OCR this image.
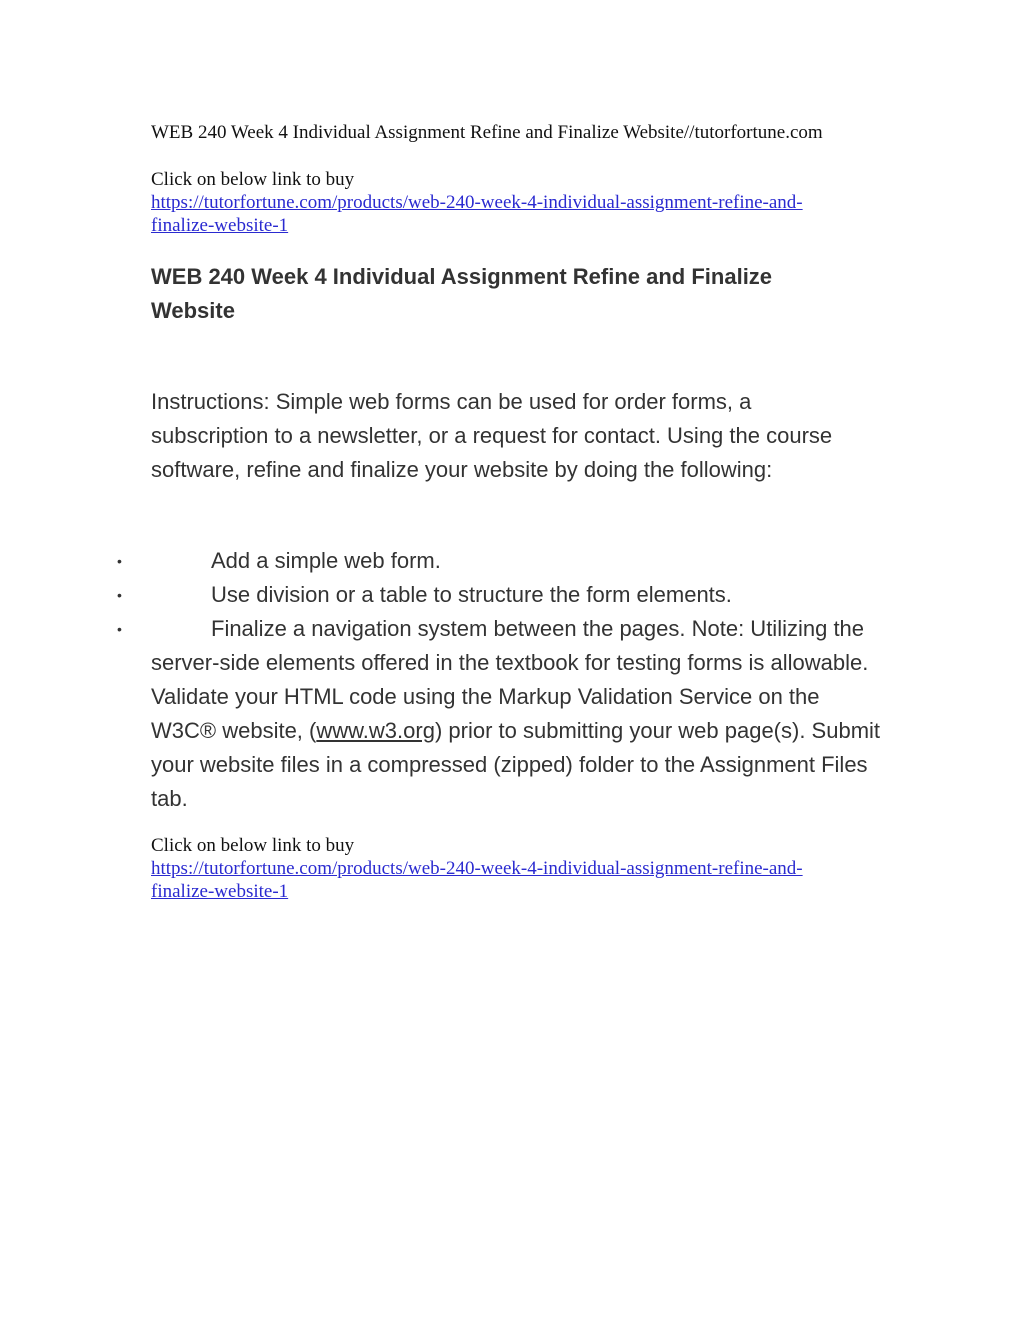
WEB 240 Week 4 Individual Assignment Refine and Finalize Website//tutorfortune.com
Click on below link to buy
https://tutorfortune.com/products/web-240-week-4-individual-assignment-refine-and-
finalize-website-1
WEB 240 Week 4 Individual Assignment Refine and Finalize Website

Instructions: Simple web forms can be used for order forms, a subscription to a newsletter, or a request for contact. Using the course software, refine and finalize your website by doing the following:

•	Add a simple web form.
•	Use division or a table to structure the form elements.
•	Finalize a navigation system between the pages. Note: Utilizing the server-side elements offered in the textbook for testing forms is allowable. Validate your HTML code using the Markup Validation Service on the W3C® website, (www.w3.org) prior to submitting your web page(s). Submit your website files in a compressed (zipped) folder to the Assignment Files tab.
Click on below link to buy
https://tutorfortune.com/products/web-240-week-4-individual-assignment-refine-and-
finalize-website-1
